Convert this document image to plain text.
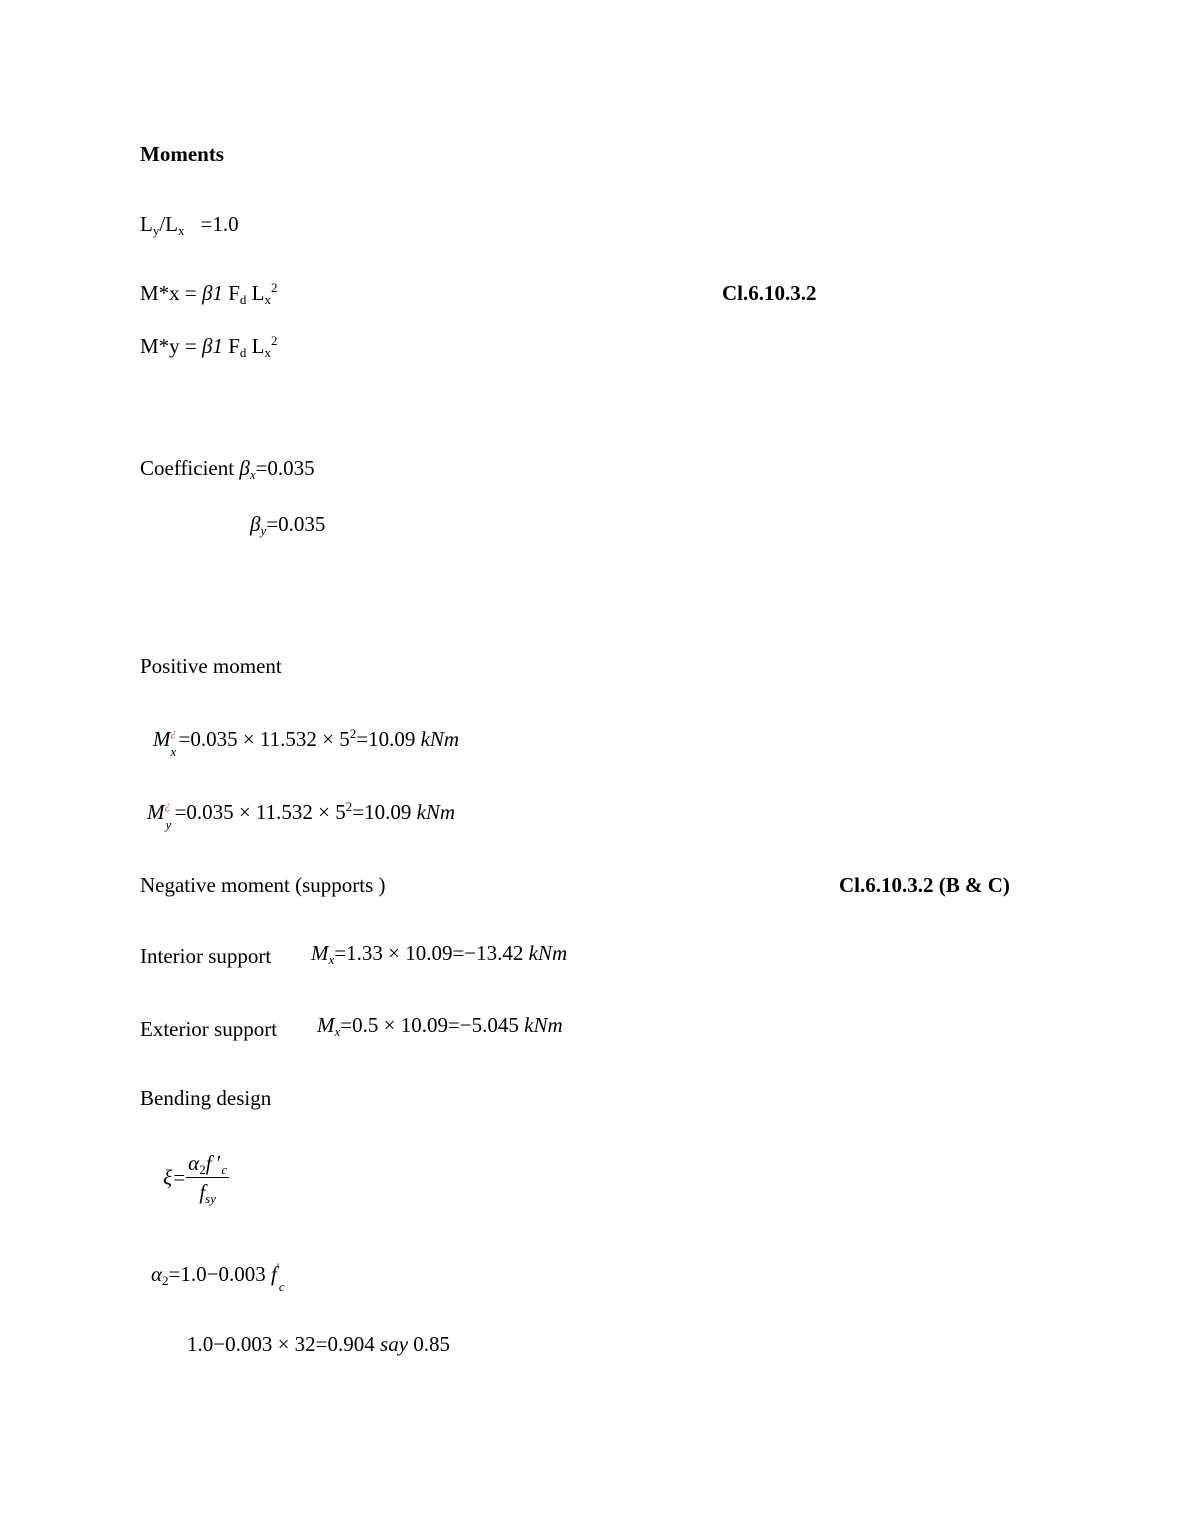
Moments
$L_y/L_x =1.0$
M*x = β1 $F_d$ $L_x^2$	Cl.6.10.3.2
M*y = β1 $F_d$ $L_x^2$
Coefficient $\beta_x=0.035$
$\beta_y=0.035$
Positive moment
M ¿
x
$=0.035 \times 11.532 \times 5^2=10.09$ kNm
M ¿
y
$=0.035 \times 11.532 \times 5^2=10.09$ kNm
Negative moment (supports )	Cl.6.10.3.2 (B & C)
Interior support $M_x=1.33 \times 10.09=-13.42$ kNm
Exterior support $M_x=0.5 \times 10.09=-5.045$ kNm
Bending design
$\xi= \frac{\alpha_2f '_c}{f_{sy}}$
$\alpha_2=1.0-0.003$ f ′
c
1.0−0.003 × 32=0.904 say 0.85
